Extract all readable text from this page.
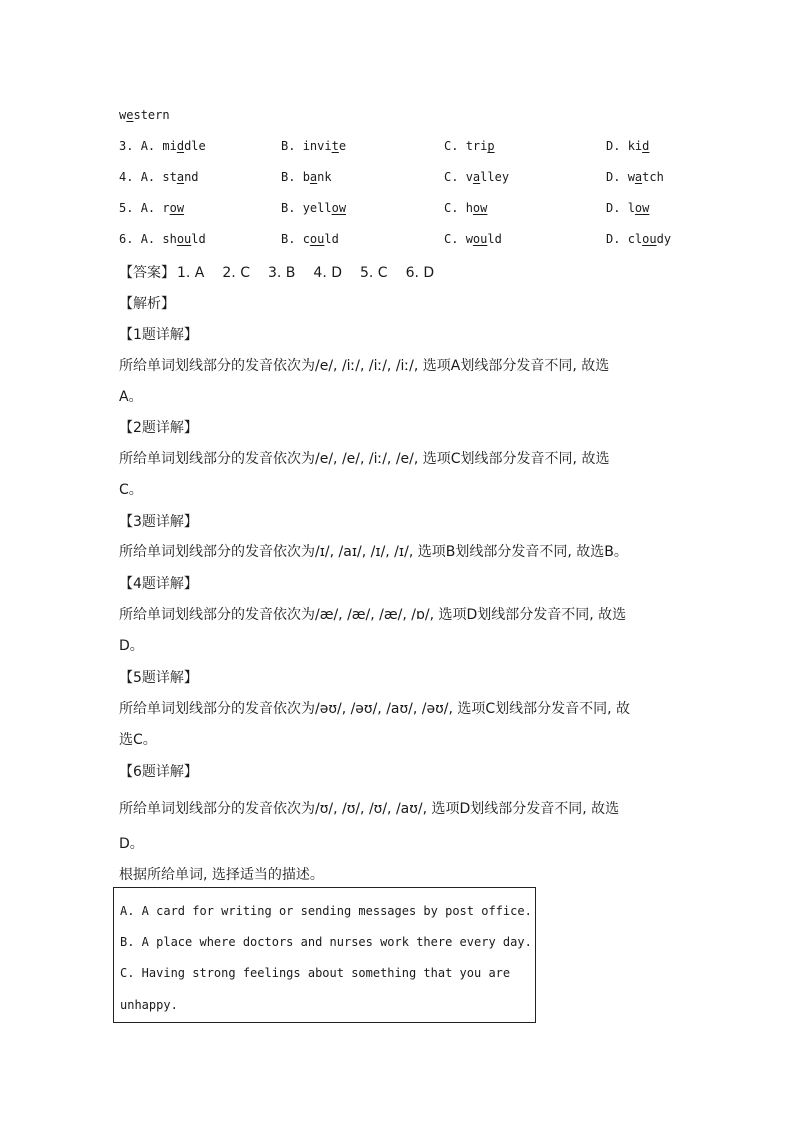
western
3. A. middle	B. invite	C. trip	D. kid
4. A. stand	B. bank	C. valley	D. watch
5. A. row	B. yellow	C. how	D. low
6. A. should	B. could	C. would	D. cloudy
【答案】 1. A 2. C 3. B 4. D 5. C 6. D
【解析】
【1题详解】
所给单词划线部分的发音依次为/e/, /iː/, /iː/, /iː/, 选项A划线部分发音不同, 故选
A。
【2题详解】
所给单词划线部分的发音依次为/e/, /e/, /iː/, /e/, 选项C划线部分发音不同, 故选
C。
【3题详解】
所给单词划线部分的发音依次为/ɪ/, /aɪ/, /ɪ/, /ɪ/, 选项B划线部分发音不同, 故选B。
【4题详解】
所给单词划线部分的发音依次为/æ/, /æ/, /æ/, /ɒ/, 选项D划线部分发音不同, 故选
D。
【5题详解】
所给单词划线部分的发音依次为/əʊ/, /əʊ/, /aʊ/, /əʊ/, 选项C划线部分发音不同, 故
选C。
【6题详解】
所给单词划线部分的发音依次为/ʊ/, /ʊ/, /ʊ/, /aʊ/, 选项D划线部分发音不同, 故选
D。
根据所给单词, 选择适当的描述。
A. A card for writing or sending messages by post office.
B. A place where doctors and nurses work there every day.
C. Having strong feelings about something that you are
unhappy.
